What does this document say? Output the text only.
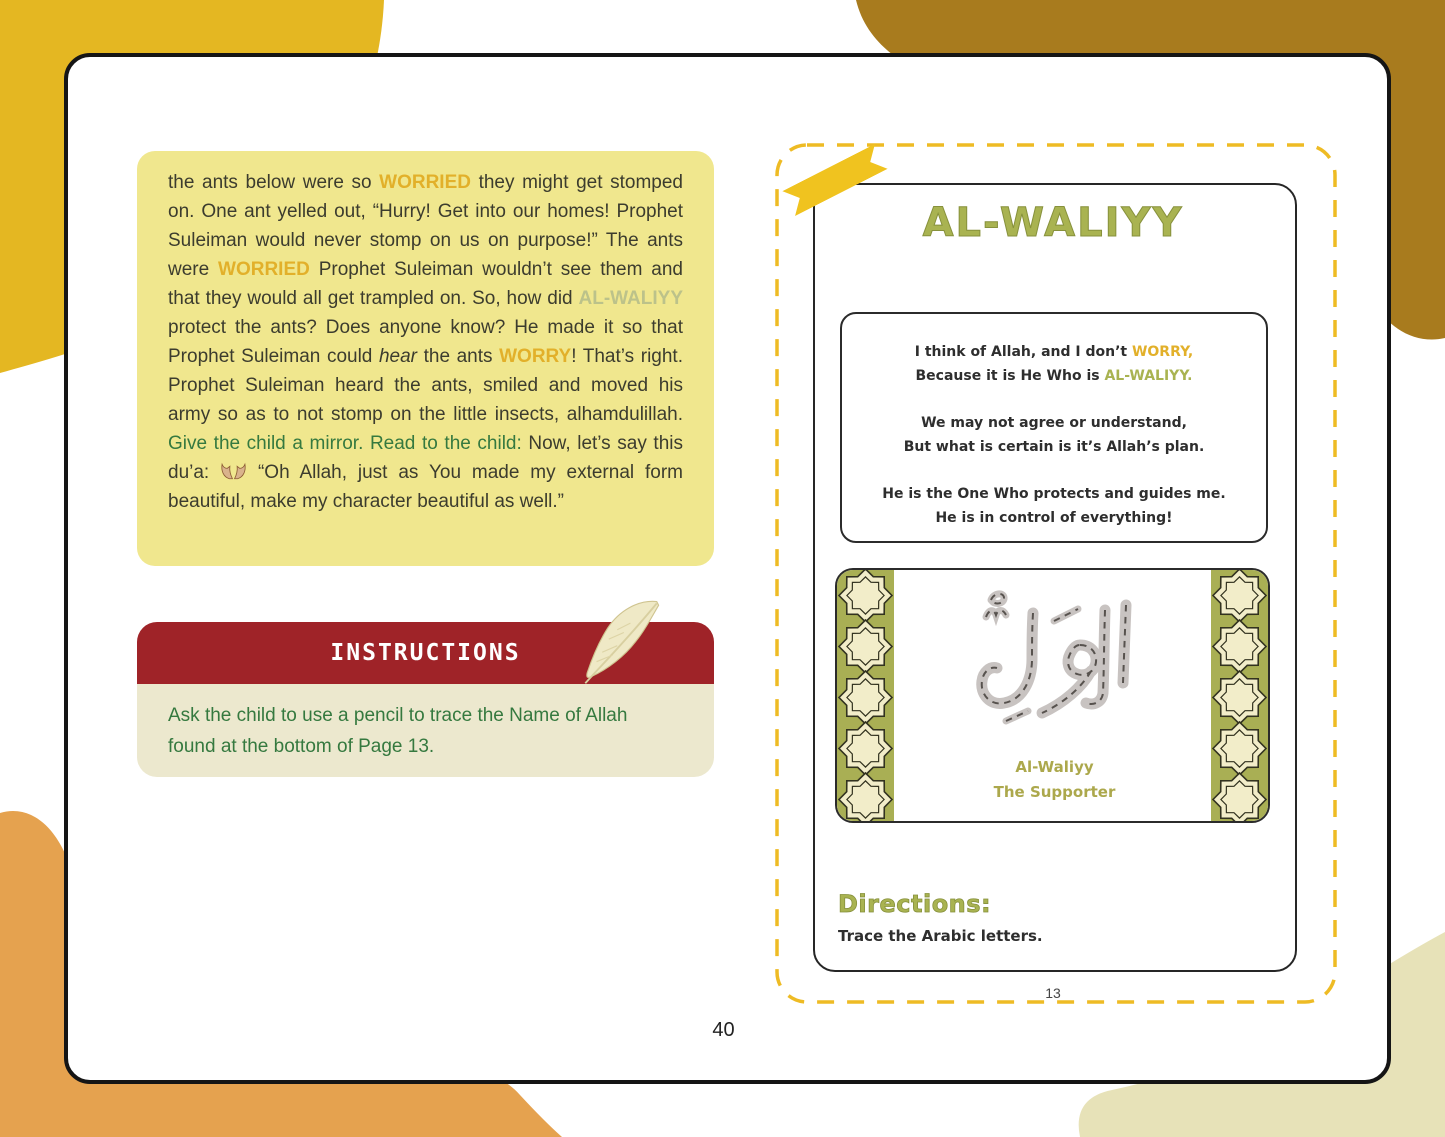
the ants below were so WORRIED they might get stomped on. One ant yelled out, “Hurry! Get into our homes! Prophet Suleiman would never stomp on us on purpose!” The ants were WORRIED Prophet Suleiman wouldn’t see them and that they would all get trampled on. So, how did AL-WALIYY protect the ants? Does anyone know? He made it so that Prophet Suleiman could hear the ants WORRY! That’s right. Prophet Suleiman heard the ants, smiled and moved his army so as to not stomp on the little insects, alhamdulillah. Give the child a mirror. Read to the child: Now, let’s say this du’a:  “Oh Allah, just as You made my external form beautiful, make my character beautiful as well.”

INSTRUCTIONS
Ask the child to use a pencil to trace the Name of Allah
found at the bottom of Page 13.
40
AL-WALIYY
I think of Allah, and I don’t WORRY,
Because it is He Who is AL-WALIYY.
We may not agree or understand,
But what is certain is it’s Allah’s plan.
He is the One Who protects and guides me.
He is in control of everything!
Al-Waliyy
The Supporter
Directions:
Trace the Arabic letters.
13
